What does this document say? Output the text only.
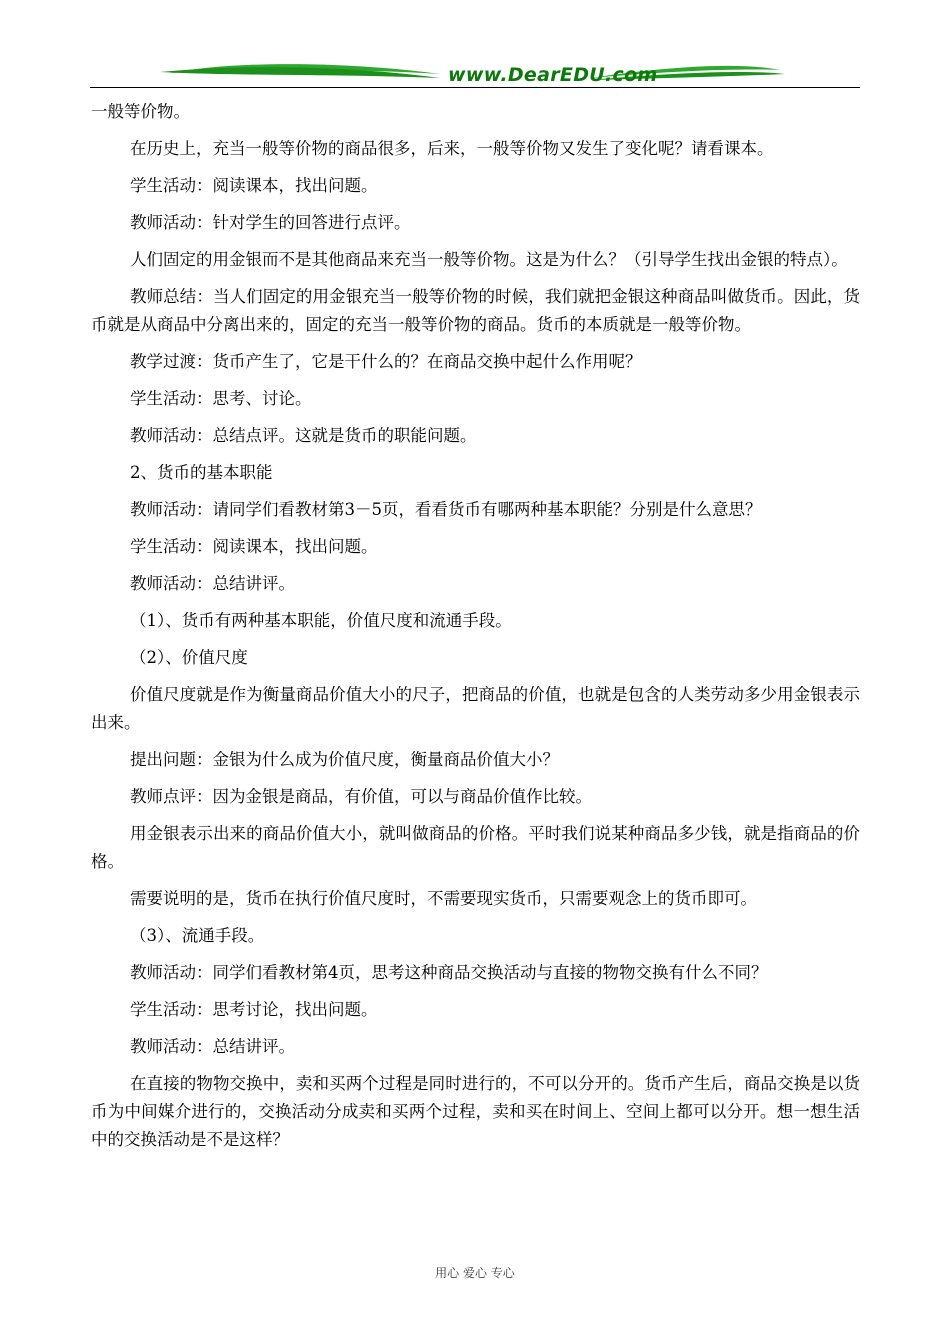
www.DearEDU.com

一般等价物。

在历史上，充当一般等价物的商品很多，后来，一般等价物又发生了变化呢？请看课本。

学生活动：阅读课本，找出问题。

教师活动：针对学生的回答进行点评。

人们固定的用金银而不是其他商品来充当一般等价物。这是为什么？（引导学生找出金银的特点）。

教师总结：当人们固定的用金银充当一般等价物的时候，我们就把金银这种商品叫做货币。因此，货币就是从商品中分离出来的，固定的充当一般等价物的商品。货币的本质就是一般等价物。

教学过渡：货币产生了，它是干什么的？在商品交换中起什么作用呢？

学生活动：思考、讨论。

教师活动：总结点评。这就是货币的职能问题。

2、货币的基本职能

教师活动：请同学们看教材第3－5页，看看货币有哪两种基本职能？分别是什么意思？

学生活动：阅读课本，找出问题。

教师活动：总结讲评。

（1）、货币有两种基本职能，价值尺度和流通手段。

（2）、价值尺度

价值尺度就是作为衡量商品价值大小的尺子，把商品的价值，也就是包含的人类劳动多少用金银表示出来。

提出问题：金银为什么成为价值尺度，衡量商品价值大小？

教师点评：因为金银是商品，有价值，可以与商品价值作比较。

用金银表示出来的商品价值大小，就叫做商品的价格。平时我们说某种商品多少钱，就是指商品的价格。

需要说明的是，货币在执行价值尺度时，不需要现实货币，只需要观念上的货币即可。

（3）、流通手段。

教师活动：同学们看教材第4页，思考这种商品交换活动与直接的物物交换有什么不同？

学生活动：思考讨论，找出问题。

教师活动：总结讲评。

在直接的物物交换中，卖和买两个过程是同时进行的，不可以分开的。货币产生后，商品交换是以货币为中间媒介进行的，交换活动分成卖和买两个过程，卖和买在时间上、空间上都可以分开。想一想生活中的交换活动是不是这样？

用心 爱心 专心
